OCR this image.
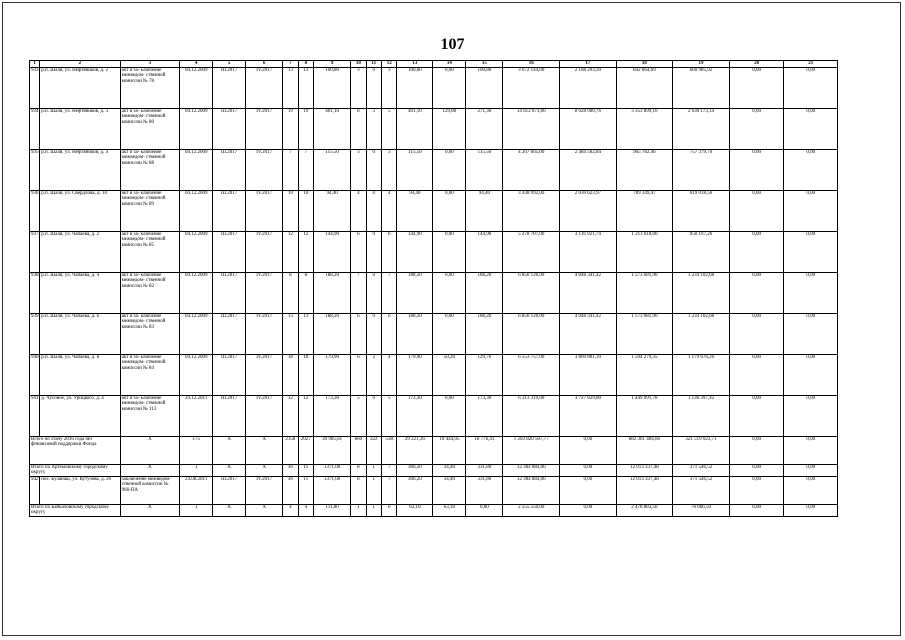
107
1	2	3	4	5	6	7	8	9	10	11	12	13	14	15	16	17	18	19	20	21
933	р.п. Шаля, ул. Нефтяников, д. 2	акт и за- ключение межведом- ственной комиссии № 78	04.12.2009	III.2017	IV.2017	13	13	100,80	3	0	3	100,80	0,00	100,80	3 672 144,00	2 168 293,39	842 864,69	660 985,92	0,00	0,00
934	р.п. Шаля, ул. Нефтяников, д. 3	акт и за- ключение межведом- ственной комиссии № 80	04.12.2009	III.2017	IV.2017	19	19	401,10	8	3	5	401,10	129,80	271,30	14 612 073,00	8 628 000,76	3 353 899,10	2 630 173,14	0,00	0,00
935	р.п. Шаля, ул. Нефтяников, д. 4	акт и за- ключение межведом- ственной комиссии № 88	04.12.2009	III.2017	IV.2017	7	7	115,50	3	0	3	115,50	0,00	115,50	4 207 665,00	2 484 502,84	965 782,46	757 379,70	0,00	0,00
936	р.п. Шаля, ул. Свердлова, д. 10	акт и за- ключение межведом- ственной комиссии № 89	04.12.2009	III.2017	IV.2017	10	10	94,40	4	0	4	94,40	0,00	94,40	3 438 992,00	2 030 623,97	789 349,47	619 018,56	0,00	0,00
937	р.п. Шаля, ул. Чапаева, д. 2	акт и за- ключение межведом- ственной комиссии № 85	04.12.2009	III.2017	IV.2017	12	12	144,90	6	0	6	144,90	0,00	144,90	5 278 707,00	3 116 921,74	1 211 618,00	950 167,26	0,00	0,00
938	р.п. Шаля, ул. Чапаева, д. 4	акт и за- ключение межведом- ственной комиссии № 82	04.12.2009	III.2017	IV.2017	8	8	188,20	7	0	7	188,20	0,00	188,20	6 856 126,00	4 048 341,42	1 573 681,90	1 234 102,68	0,00	0,00
939	р.п. Шаля, ул. Чапаева, д. 6	акт и за- ключение межведом- ственной комиссии № 83	04.12.2009	III.2017	IV.2017	13	13	188,20	6	0	6	188,20	0,00	188,20	6 856 126,00	4 048 341,42	1 573 681,90	1 234 102,68	0,00	0,00
940	р.п. Шаля, ул. Чапаева, д. 8	акт и за- ключение межведом- ственной комиссии № 84	04.12.2009	III.2017	IV.2017	18	18	179,90	6	2	4	179,90	50,20	129,70	6 553 757,00	3 869 801,39	1 504 279,35	1 179 676,26	0,00	0,00
941	д. Чусовое, ул. Урицкого, д. 4	акт и за- ключение межведом- ственной комиссии № 113	29.12.2011	III.2017	IV.2017	12	12	173,30	5	0	5	173,30	0,00	173,30	6 313 319,00	3 727 829,80	1 449 091,78	1 136 397,42	0,00	0,00
Всего по этапу 2016 года без финансовой поддержки Фонда		X	175	X	X	2158	2027	39 905,61	860	322	538	29 221,36	10 444,95	18 776,41	1 203 820 507,77	0,00	882 301 484,06	321 519 023,71	0,00	0,00
Итого по Артемовскому городскому округу		X	1	X	X	36	11	1371,00	8	1	7	366,20	34,40	331,80	12 384 884,00	0,00	12 013 337,48	371 546,52	0,00	0,00
942	пос. Буланаш, ул. Кутузова, д. 26	заключение межведом- ственной комиссии № 966-ПА	24.08.2011	III.2017	IV.2017	36	11	1371,00	8	1	7	366,20	34,40	331,80	12 384 884,00	0,00	12 013 337,48	371 546,52	0,00	0,00
Итого по Байкаловскому городскому округу		X	1	X	X	4	4	111,80	1	1	0	63,10	63,10	0,00	2 555 550,00	0,00	2 478 883,50	76 666,50	0,00	0,00
